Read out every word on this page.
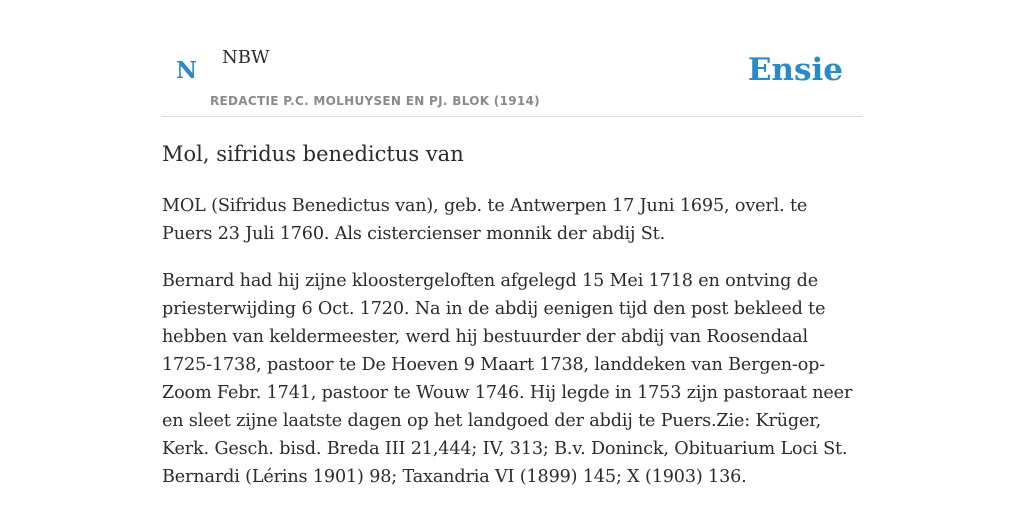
N NBW
REDACTIE P.C. MOLHUYSEN EN PJ. BLOK (1914)
Ensie
Mol, sifridus benedictus van

MOL (Sifridus Benedictus van), geb. te Antwerpen 17 Juni 1695, overl. te Puers 23 Juli 1760. Als cistercienser monnik der abdij St.

Bernard had hij zijne kloostergeloften afgelegd 15 Mei 1718 en ontving de priesterwijding 6 Oct. 1720. Na in de abdij eenigen tijd den post bekleed te hebben van keldermeester, werd hij bestuurder der abdij van Roosendaal 1725-1738, pastoor te De Hoeven 9 Maart 1738, landdeken van Bergen-op-Zoom Febr. 1741, pastoor te Wouw 1746. Hij legde in 1753 zijn pastoraat neer en sleet zijne laatste dagen op het landgoed der abdij te Puers.Zie: Krüger, Kerk. Gesch. bisd. Breda III 21,444; IV, 313; B.v. Doninck, Obituarium Loci St. Bernardi (Lérins 1901) 98; Taxandria VI (1899) 145; X (1903) 136.
